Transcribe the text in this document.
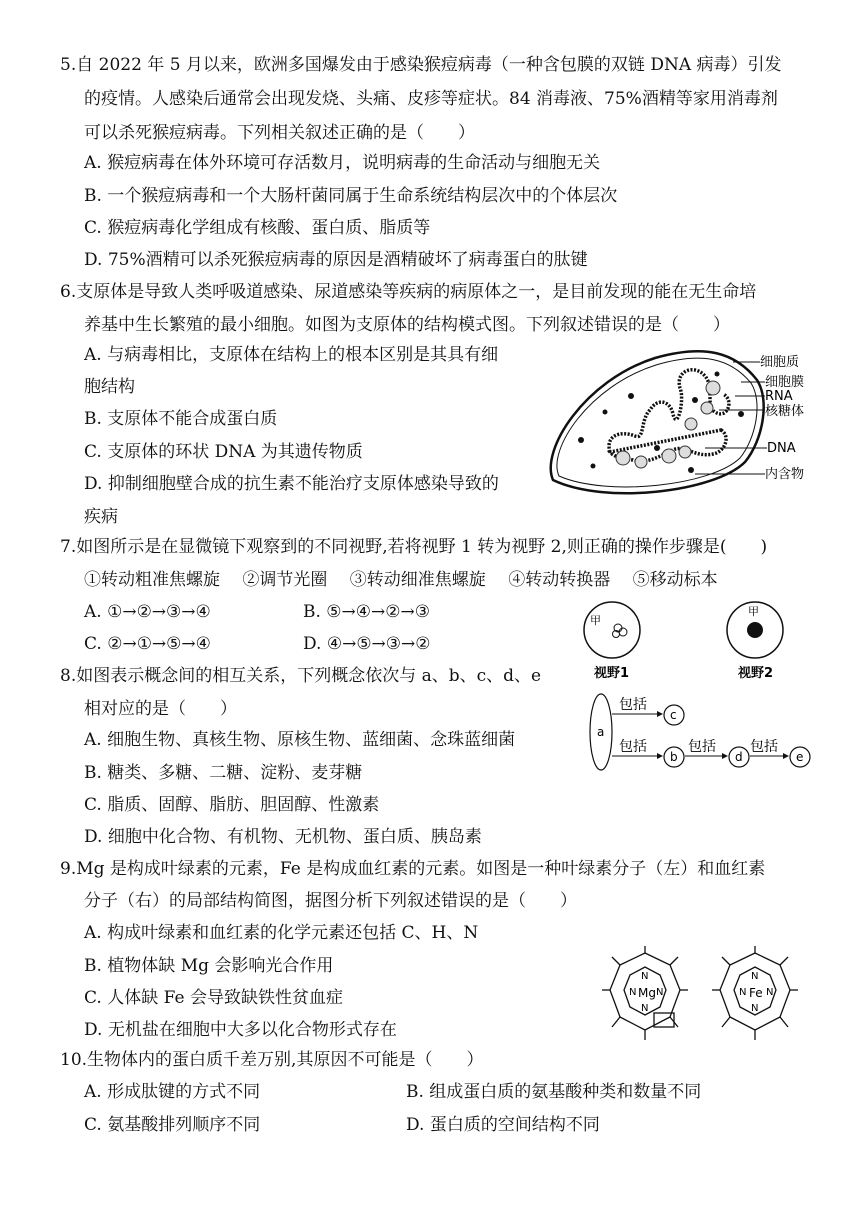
5.自 2022 年 5 月以来，欧洲多国爆发由于感染猴痘病毒（一种含包膜的双链 DNA 病毒）引发
的疫情。人感染后通常会出现发烧、头痛、皮疹等症状。84 消毒液、75%酒精等家用消毒剂
可以杀死猴痘病毒。下列相关叙述正确的是（　　）
A. 猴痘病毒在体外环境可存活数月，说明病毒的生命活动与细胞无关
B. 一个猴痘病毒和一个大肠杆菌同属于生命系统结构层次中的个体层次
C. 猴痘病毒化学组成有核酸、蛋白质、脂质等
D. 75%酒精可以杀死猴痘病毒的原因是酒精破坏了病毒蛋白的肽键
6.支原体是导致人类呼吸道感染、尿道感染等疾病的病原体之一，是目前发现的能在无生命培
养基中生长繁殖的最小细胞。如图为支原体的结构模式图。下列叙述错误的是（　　）
A. 与病毒相比，支原体在结构上的根本区别是其具有细
胞结构
B. 支原体不能合成蛋白质
C. 支原体的环状 DNA 为其遗传物质
D. 抑制细胞壁合成的抗生素不能治疗支原体感染导致的
疾病
细胞质
细胞膜
RNA
核糖体
DNA
内含物
7.如图所示是在显微镜下观察到的不同视野,若将视野 1 转为视野 2,则正确的操作步骤是(　　)
①转动粗准焦螺旋　 ②调节光圈　 ③转动细准焦螺旋　 ④转动转换器　 ⑤移动标本
A. ①→②→③→④	B. ⑤→④→②→③
C. ②→①→⑤→④	D. ④→⑤→③→②
甲
甲
视野1	视野2
8.如图表示概念间的相互关系，下列概念依次与 a、b、c、d、e
相对应的是（　　）
A. 细胞生物、真核生物、原核生物、蓝细菌、念珠蓝细菌
B. 糖类、多糖、二糖、淀粉、麦芽糖
C. 脂质、固醇、脂肪、胆固醇、性激素
D. 细胞中化合物、有机物、无机物、蛋白质、胰岛素
a
包括
c
包括
b
包括
d
包括
e
9.Mg 是构成叶绿素的元素，Fe 是构成血红素的元素。如图是一种叶绿素分子（左）和血红素
分子（右）的局部结构简图，据图分析下列叙述错误的是（　　）
A. 构成叶绿素和血红素的化学元素还包括 C、H、N
B. 植物体缺 Mg 会影响光合作用
C. 人体缺 Fe 会导致缺铁性贫血症
D. 无机盐在细胞中大多以化合物形式存在
N
N N
N
Mg
N
N N
N
Fe
10.生物体内的蛋白质千差万别,其原因不可能是（　　）
A. 形成肽键的方式不同	B. 组成蛋白质的氨基酸种类和数量不同
C. 氨基酸排列顺序不同	D. 蛋白质的空间结构不同
